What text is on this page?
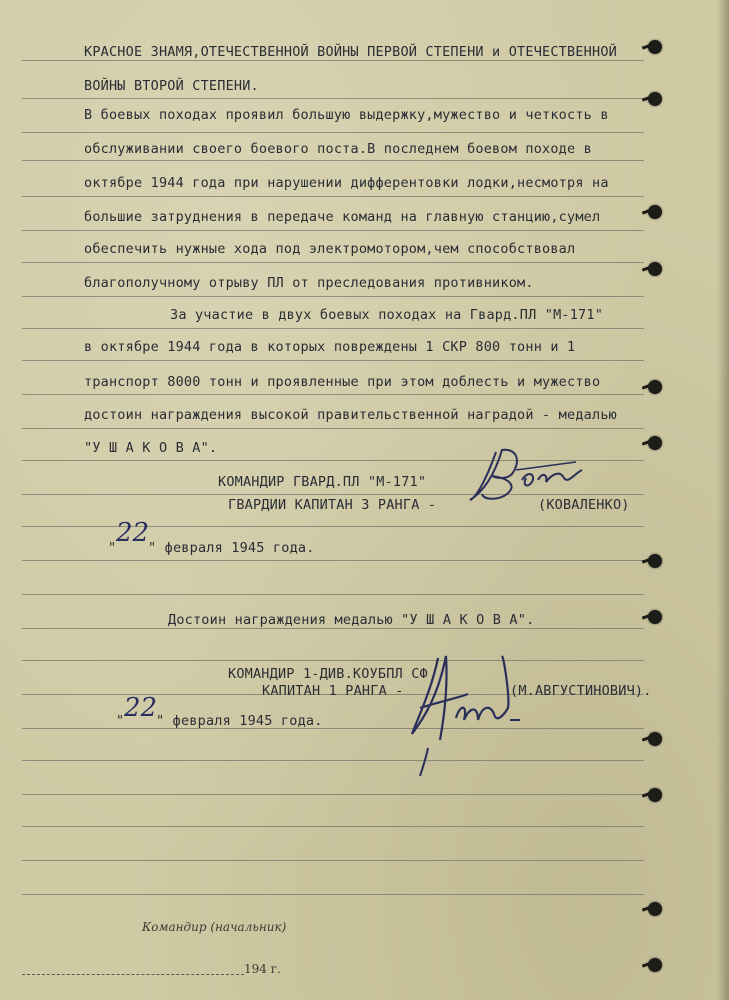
КРАСНОЕ ЗНАМЯ,ОТЕЧЕСТВЕННОЙ ВОЙНЫ ПЕРВОЙ СТЕПЕНИ и ОТЕЧЕСТВЕННОЙ
ВОЙНЫ ВТОРОЙ СТЕПЕНИ.
В боевых походах проявил большую выдержку,мужество и четкость в
обслуживании своего боевого поста.В последнем боевом походе в
октябре 1944 года при нарушении дифферентовки лодки,несмотря на
большие затруднения в передаче команд на главную станцию,сумел
обеспечить нужные хода под электромотором,чем способствовал
благополучному отрыву ПЛ от преследования противником.
За участие в двух боевых походах на Гвард.ПЛ "М-171"
в октябре 1944 года в которых повреждены 1 СКР 800 тонн и 1
транспорт 8000 тонн и проявленные при этом доблесть и мужество
достоин награждения высокой правительственной наградой - медалью
"У Ш А К О В А".
КОМАНДИР ГВАРД.ПЛ "М-171"
ГВАРДИИ КАПИТАН 3 РАНГА -	(КОВАЛЕНКО)
" 22
" февраля 1945 года.
Достоин награждения медалью "У Ш А К О В А".
КОМАНДИР 1-ДИВ.КОУБПЛ СФ
КАПИТАН 1 РАНГА -	(М.АВГУСТИНОВИЧ).
" 22
" февраля 1945 года.
Командир (начальник)
194 г.
